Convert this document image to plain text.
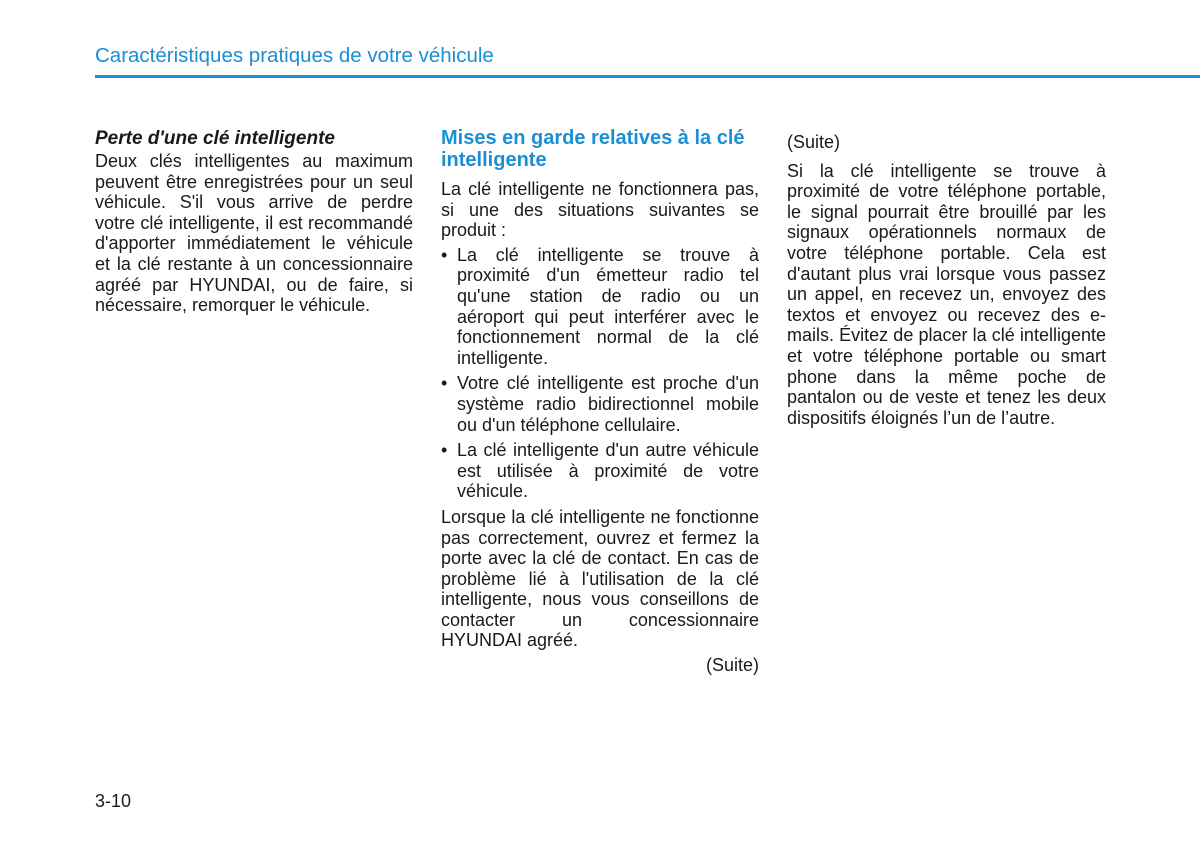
Caractéristiques pratiques de votre véhicule
Perte d'une clé intelligente

Deux clés intelligentes au maximum peuvent être enregistrées pour un seul véhicule. S'il vous arrive de perdre votre clé intelligente, il est recommandé d'apporter immédiatement le véhicule et la clé restante à un concessionnaire agréé par HYUNDAI, ou de faire, si nécessaire, remorquer le véhicule.

Mises en garde relatives à la clé intelligente

La clé intelligente ne fonctionnera pas, si une des situations suivantes se produit :

• La clé intelligente se trouve à proximité d'un émetteur radio tel qu'une station de radio ou un aéroport qui peut interférer avec le fonctionnement normal de la clé intelligente.
• Votre clé intelligente est proche d'un système radio bidirectionnel mobile ou d'un téléphone cellulaire.
• La clé intelligente d'un autre véhicule est utilisée à proximité de votre véhicule.

Lorsque la clé intelligente ne fonctionne pas correctement, ouvrez et fermez la porte avec la clé de contact. En cas de problème lié à l'utilisation de la clé intelligente, nous vous conseillons de contacter un concessionnaire HYUNDAI agréé.

(Suite)
(Suite)

Si la clé intelligente se trouve à proximité de votre téléphone portable, le signal pourrait être brouillé par les signaux opérationnels normaux de votre téléphone portable. Cela est d'autant plus vrai lorsque vous passez un appel, en recevez un, envoyez des textos et envoyez ou recevez des e-mails. Évitez de placer la clé intelligente et votre téléphone portable ou smart phone dans la même poche de pantalon ou de veste et tenez les deux dispositifs éloignés l’un de l’autre.

3-10
